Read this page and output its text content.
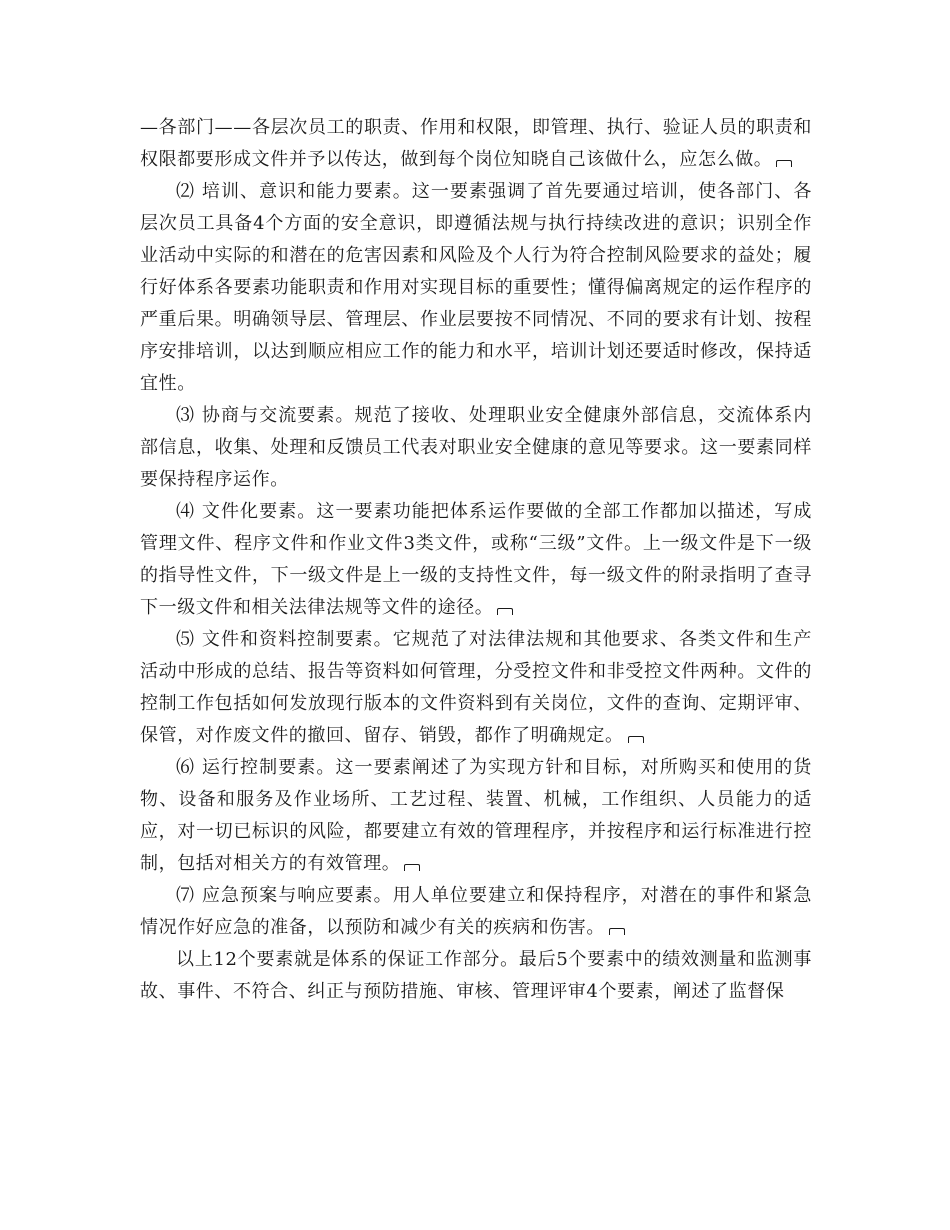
—各部门——各层次员工的职责、作用和权限，即管理、执行、验证人员的职责和权限都要形成文件并予以传达，做到每个岗位知晓自己该做什么，应怎么做。

⑵ 培训、意识和能力要素。这一要素强调了首先要通过培训，使各部门、各层次员工具备4个方面的安全意识，即遵循法规与执行持续改进的意识；识别全作业活动中实际的和潜在的危害因素和风险及个人行为符合控制风险要求的益处；履行好体系各要素功能职责和作用对实现目标的重要性；懂得偏离规定的运作程序的严重后果。明确领导层、管理层、作业层要按不同情况、不同的要求有计划、按程序安排培训，以达到顺应相应工作的能力和水平，培训计划还要适时修改，保持适宜性。

⑶ 协商与交流要素。规范了接收、处理职业安全健康外部信息，交流体系内部信息，收集、处理和反馈员工代表对职业安全健康的意见等要求。这一要素同样要保持程序运作。

⑷ 文件化要素。这一要素功能把体系运作要做的全部工作都加以描述，写成管理文件、程序文件和作业文件3类文件，或称“三级”文件。上一级文件是下一级的指导性文件，下一级文件是上一级的支持性文件，每一级文件的附录指明了查寻下一级文件和相关法律法规等文件的途径。

⑸ 文件和资料控制要素。它规范了对法律法规和其他要求、各类文件和生产活动中形成的总结、报告等资料如何管理，分受控文件和非受控文件两种。文件的控制工作包括如何发放现行版本的文件资料到有关岗位，文件的查询、定期评审、保管，对作废文件的撤回、留存、销毁，都作了明确规定。

⑹ 运行控制要素。这一要素阐述了为实现方针和目标，对所购买和使用的货物、设备和服务及作业场所、工艺过程、装置、机械，工作组织、人员能力的适应，对一切已标识的风险，都要建立有效的管理程序，并按程序和运行标准进行控制，包括对相关方的有效管理。

⑺ 应急预案与响应要素。用人单位要建立和保持程序，对潜在的事件和紧急情况作好应急的准备，以预防和减少有关的疾病和伤害。

以上12个要素就是体系的保证工作部分。最后5个要素中的绩效测量和监测事故、事件、不符合、纠正与预防措施、审核、管理评审4个要素，阐述了监督保
